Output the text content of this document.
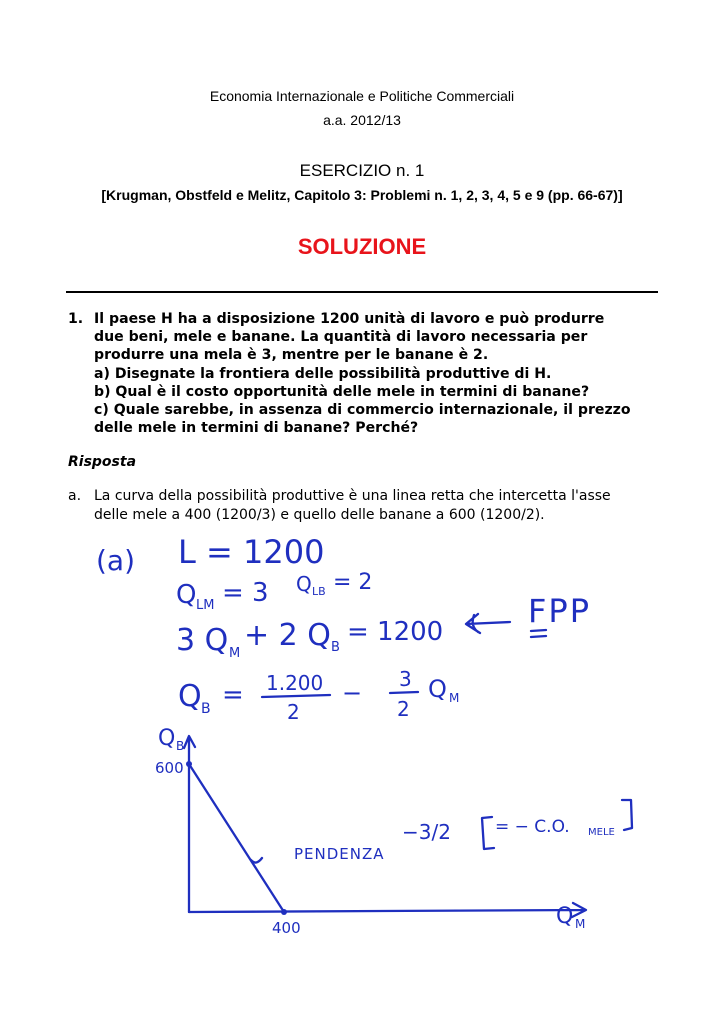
Economia Internazionale e Politiche Commerciali
a.a. 2012/13
ESERCIZIO n. 1
[Krugman, Obstfeld e Melitz, Capitolo 3: Problemi n. 1, 2, 3, 4, 5 e 9 (pp. 66-67)]
SOLUZIONE
1. Il paese H ha a disposizione 1200 unità di lavoro e può produrre
due beni, mele e banane. La quantità di lavoro necessaria per
produrre una mela è 3, mentre per le banane è 2.
a) Disegnate la frontiera delle possibilità produttive di H.
b) Qual è il costo opportunità delle mele in termini di banane?
c) Quale sarebbe, in assenza di commercio internazionale, il prezzo
delle mele in termini di banane? Perché?
Risposta
a. La curva della possibilità produttive è una linea retta che intercetta l'asse
delle mele a 400 (1200/3) e quello delle banane a 600 (1200/2).
(a) L = 1200
Q LM = 3 Q LB = 2
3 Q M
+ 2 Q B
= 1200
FPP
Q B = 1.200
2
− 3
2
Q M
Q B
Q M
600
400
PENDENZA
−3/2	= − C.O. MELE
